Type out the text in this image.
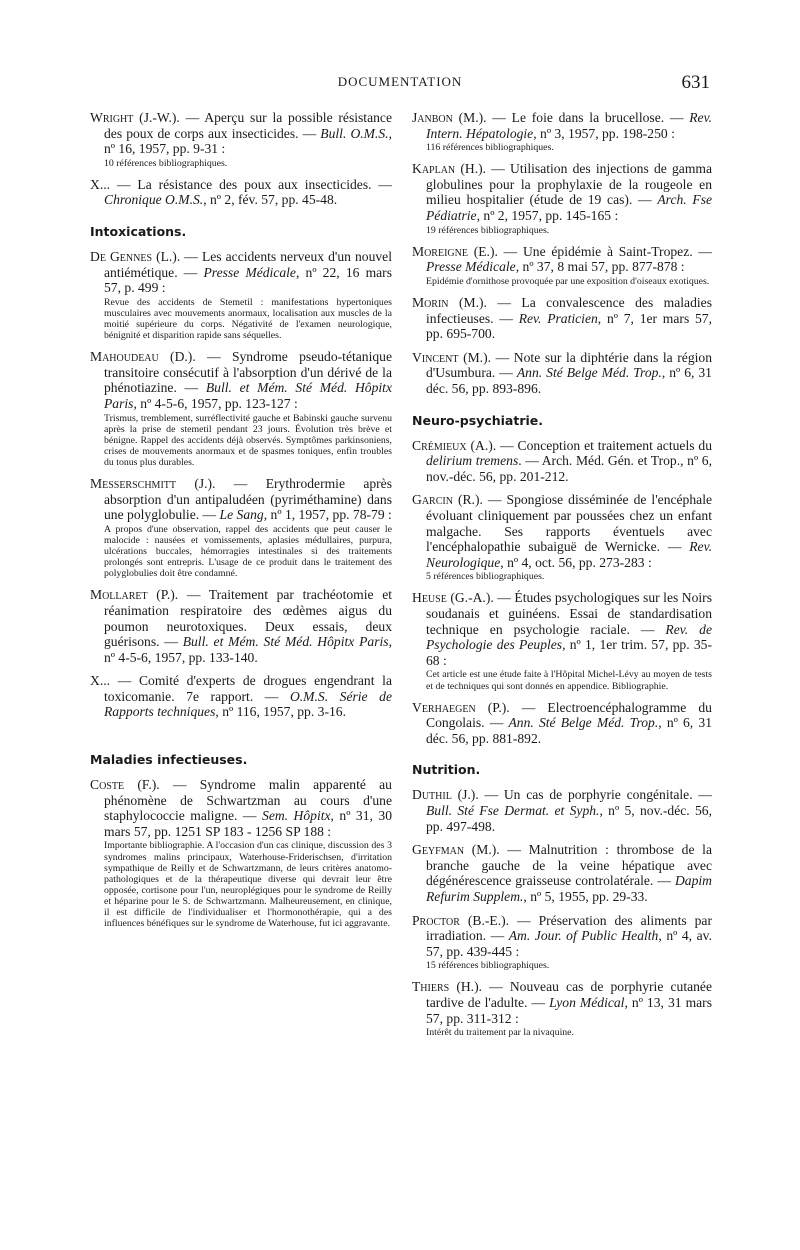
DOCUMENTATION	631

Wright (J.-W.). — Aperçu sur la possible résistance des poux de corps aux insecticides. — Bull. O.M.S., nº 16, 1957, pp. 9-31 :

10 références bibliographiques.

X... — La résistance des poux aux insecticides. — Chronique O.M.S., nº 2, fév. 57, pp. 45-48.

Intoxications.

De Gennes (L.). — Les accidents nerveux d'un nouvel antiémétique. — Presse Médicale, nº 22, 16 mars 57, p. 499 :

Revue des accidents de Stemetil : manifestations hypertoniques musculaires avec mouvements anormaux, localisation aux muscles de la moitié supérieure du corps. Négativité de l'examen neurologique, bénignité et disparition rapide sans séquelles.

Mahoudeau (D.). — Syndrome pseudo-tétanique transitoire consécutif à l'absorption d'un dérivé de la phénotiazine. — Bull. et Mém. Sté Méd. Hôpitx Paris, nº 4-5-6, 1957, pp. 123-127 :

Trismus, tremblement, surréflectivité gauche et Babinski gauche survenu après la prise de stemetil pendant 23 jours. Évolution très brève et bénigne. Rappel des accidents déjà observés. Symptômes parkinsoniens, crises de mouvements anormaux et de spasmes toniques, enfin troubles du tonus plus durables.

Messerschmitt (J.). — Erythrodermie après absorption d'un antipaludéen (pyriméthamine) dans une polyglobulie. — Le Sang, nº 1, 1957, pp. 78-79 :

A propos d'une observation, rappel des accidents que peut causer le malocide : nausées et vomissements, aplasies médullaires, purpura, ulcérations buccales, hémorragies intestinales si des traitements prolongés sont entrepris. L'usage de ce produit dans le traitement des polyglobulies doit être condamné.

Mollaret (P.). — Traitement par trachéotomie et réanimation respiratoire des œdèmes aigus du poumon neurotoxiques. Deux essais, deux guérisons. — Bull. et Mém. Sté Méd. Hôpitx Paris, nº 4-5-6, 1957, pp. 133-140.

X... — Comité d'experts de drogues engendrant la toxicomanie. 7e rapport. — O.M.S. Série de Rapports techniques, nº 116, 1957, pp. 3-16.

Maladies infectieuses.

Coste (F.). — Syndrome malin apparenté au phénomène de Schwartzman au cours d'une staphylococcie maligne. — Sem. Hôpitx, nº 31, 30 mars 57, pp. 1251 SP 183 - 1256 SP 188 :

Importante bibliographie. A l'occasion d'un cas clinique, discussion des 3 syndromes malins principaux, Waterhouse-Friderischsen, d'irritation sympathique de Reilly et de Schwartzmann, de leurs critères anatomo-pathologiques et de la thérapeutique diverse qui devrait leur être opposée, cortisone pour l'un, neuroplégiques pour le syndrome de Reilly et héparine pour le S. de Schwartzmann. Malheureusement, en clinique, il est difficile de l'individualiser et l'hormonothérapie, qui a des influences bénéfiques sur le syndrome de Waterhouse, fut ici aggravante.

Janbon (M.). — Le foie dans la brucellose. — Rev. Intern. Hépatologie, nº 3, 1957, pp. 198-250 :

116 références bibliographiques.

Kaplan (H.). — Utilisation des injections de gamma globulines pour la prophylaxie de la rougeole en milieu hospitalier (étude de 19 cas). — Arch. Fse Pédiatrie, nº 2, 1957, pp. 145-165 :

19 références bibliographiques.

Moreigne (E.). — Une épidémie à Saint-Tropez. — Presse Médicale, nº 37, 8 mai 57, pp. 877-878 :

Epidémie d'ornithose provoquée par une exposition d'oiseaux exotiques.

Morin (M.). — La convalescence des maladies infectieuses. — Rev. Praticien, nº 7, 1er mars 57, pp. 695-700.

Vincent (M.). — Note sur la diphtérie dans la région d'Usumbura. — Ann. Sté Belge Méd. Trop., nº 6, 31 déc. 56, pp. 893-896.

Neuro-psychiatrie.

Crémieux (A.). — Conception et traitement actuels du delirium tremens. — Arch. Méd. Gén. et Trop., nº 6, nov.-déc. 56, pp. 201-212.

Garcin (R.). — Spongiose disséminée de l'encéphale évoluant cliniquement par poussées chez un enfant malgache. Ses rapports éventuels avec l'encéphalopathie subaiguë de Wernicke. — Rev. Neurologique, nº 4, oct. 56, pp. 273-283 :

5 références bibliographiques.

Heuse (G.-A.). — Études psychologiques sur les Noirs soudanais et guinéens. Essai de standardisation technique en psychologie raciale. — Rev. de Psychologie des Peuples, nº 1, 1er trim. 57, pp. 35-68 :

Cet article est une étude faite à l'Hôpital Michel-Lévy au moyen de tests et de techniques qui sont donnés en appendice. Bibliographie.

Verhaegen (P.). — Electroencéphalogramme du Congolais. — Ann. Sté Belge Méd. Trop., nº 6, 31 déc. 56, pp. 881-892.

Nutrition.

Duthil (J.). — Un cas de porphyrie congénitale. — Bull. Sté Fse Dermat. et Syph., nº 5, nov.-déc. 56, pp. 497-498.

Geyfman (M.). — Malnutrition : thrombose de la branche gauche de la veine hépatique avec dégénérescence graisseuse controlatérale. — Dapim Refurim Supplem., nº 5, 1955, pp. 29-33.

Proctor (B.-E.). — Préservation des aliments par irradiation. — Am. Jour. of Public Health, nº 4, av. 57, pp. 439-445 :

15 références bibliographiques.

Thiers (H.). — Nouveau cas de porphyrie cutanée tardive de l'adulte. — Lyon Médical, nº 13, 31 mars 57, pp. 311-312 :

Intérêt du traitement par la nivaquine.
